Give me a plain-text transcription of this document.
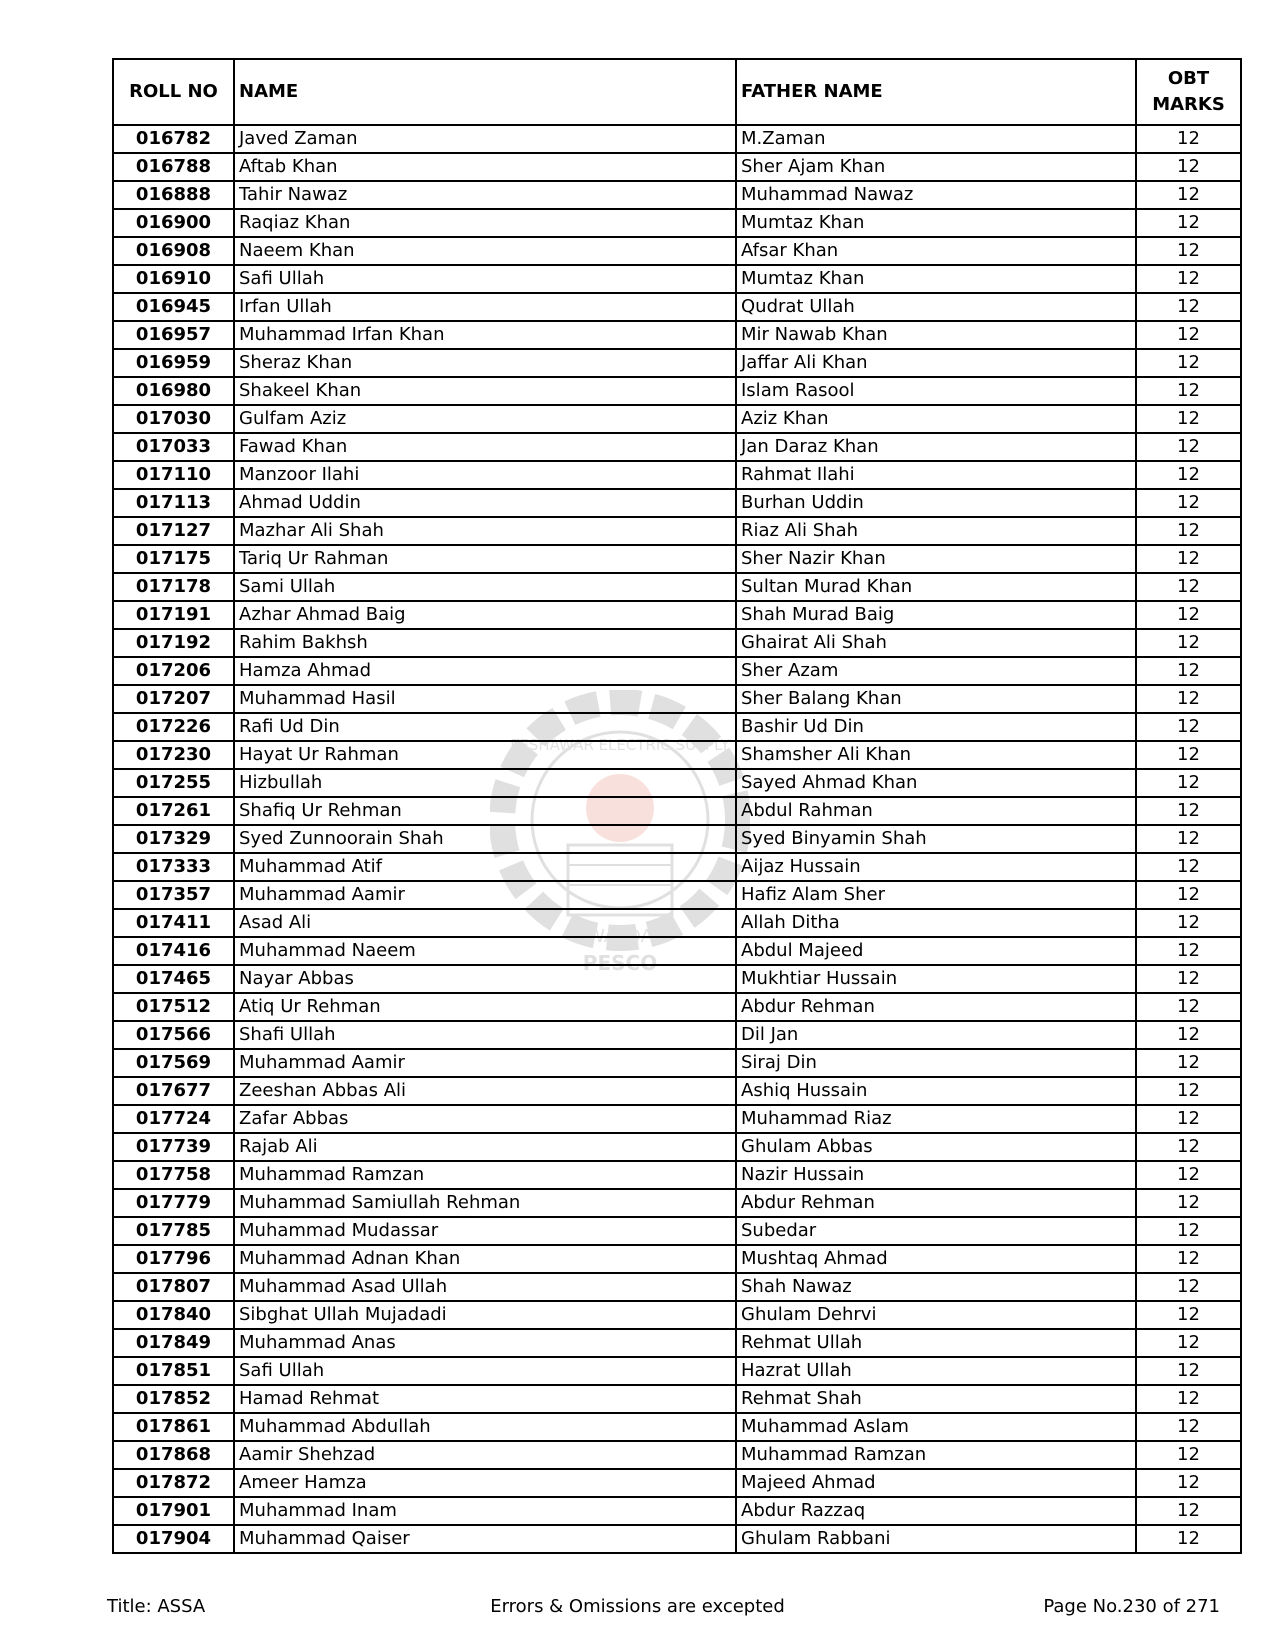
PESHAWAR ELECTRIC SUPPLY
WAPDA
PESCO
ROLL NO	NAME	FATHER NAME	OBT
MARKS
016782	Javed Zaman	M.Zaman	12
016788	Aftab Khan	Sher Ajam Khan	12
016888	Tahir Nawaz	Muhammad Nawaz	12
016900	Raqiaz Khan	Mumtaz Khan	12
016908	Naeem Khan	Afsar Khan	12
016910	Safi Ullah	Mumtaz Khan	12
016945	Irfan Ullah	Qudrat Ullah	12
016957	Muhammad Irfan Khan	Mir Nawab Khan	12
016959	Sheraz Khan	Jaffar Ali Khan	12
016980	Shakeel Khan	Islam Rasool	12
017030	Gulfam Aziz	Aziz Khan	12
017033	Fawad Khan	Jan Daraz Khan	12
017110	Manzoor Ilahi	Rahmat Ilahi	12
017113	Ahmad Uddin	Burhan Uddin	12
017127	Mazhar Ali Shah	Riaz Ali Shah	12
017175	Tariq Ur Rahman	Sher Nazir Khan	12
017178	Sami Ullah	Sultan Murad Khan	12
017191	Azhar Ahmad Baig	Shah Murad Baig	12
017192	Rahim Bakhsh	Ghairat Ali Shah	12
017206	Hamza Ahmad	Sher Azam	12
017207	Muhammad Hasil	Sher Balang Khan	12
017226	Rafi Ud Din	Bashir Ud Din	12
017230	Hayat Ur Rahman	Shamsher Ali Khan	12
017255	Hizbullah	Sayed Ahmad Khan	12
017261	Shafiq Ur Rehman	Abdul Rahman	12
017329	Syed Zunnoorain Shah	Syed Binyamin Shah	12
017333	Muhammad Atif	Aijaz Hussain	12
017357	Muhammad Aamir	Hafiz Alam Sher	12
017411	Asad Ali	Allah Ditha	12
017416	Muhammad Naeem	Abdul Majeed	12
017465	Nayar Abbas	Mukhtiar Hussain	12
017512	Atiq Ur Rehman	Abdur Rehman	12
017566	Shafi Ullah	Dil Jan	12
017569	Muhammad Aamir	Siraj Din	12
017677	Zeeshan Abbas Ali	Ashiq Hussain	12
017724	Zafar Abbas	Muhammad Riaz	12
017739	Rajab Ali	Ghulam Abbas	12
017758	Muhammad Ramzan	Nazir Hussain	12
017779	Muhammad Samiullah Rehman	Abdur Rehman	12
017785	Muhammad Mudassar	Subedar	12
017796	Muhammad Adnan Khan	Mushtaq Ahmad	12
017807	Muhammad Asad Ullah	Shah Nawaz	12
017840	Sibghat Ullah Mujadadi	Ghulam Dehrvi	12
017849	Muhammad Anas	Rehmat Ullah	12
017851	Safi Ullah	Hazrat Ullah	12
017852	Hamad Rehmat	Rehmat Shah	12
017861	Muhammad Abdullah	Muhammad Aslam	12
017868	Aamir Shehzad	Muhammad Ramzan	12
017872	Ameer Hamza	Majeed Ahmad	12
017901	Muhammad Inam	Abdur Razzaq	12
017904	Muhammad Qaiser	Ghulam Rabbani	12
Title: ASSA	Errors & Omissions are excepted	Page No.230 of 271
